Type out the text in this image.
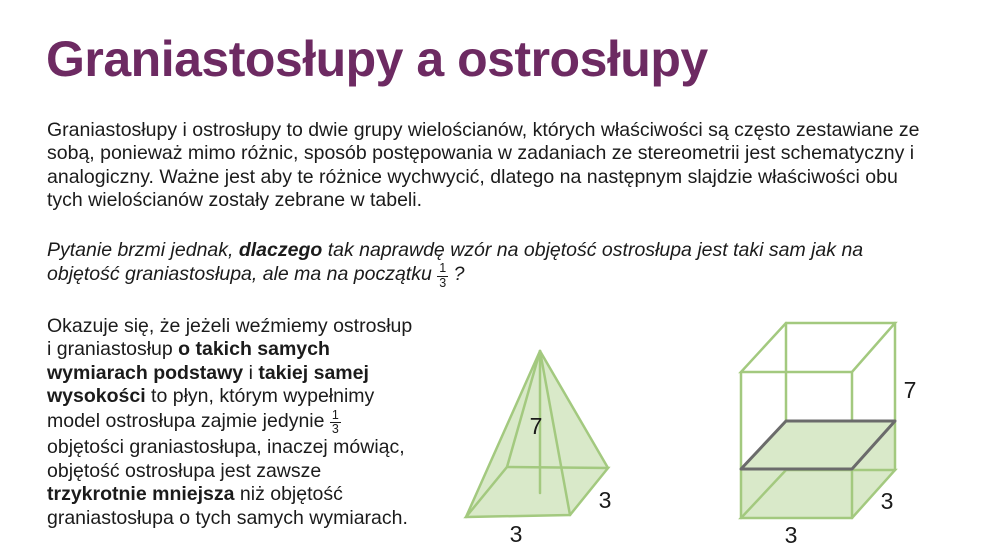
Graniastosłupy a ostrosłupy
Graniastosłupy i ostrosłupy to dwie grupy wielościanów, których właściwości są często zestawiane ze
sobą, ponieważ mimo różnic, sposób postępowania w zadaniach ze stereometrii jest schematyczny i
analogiczny. Ważne jest aby te różnice wychwycić, dlatego na następnym slajdzie właściwości obu
tych wielościanów zostały zebrane w tabeli.
Pytanie brzmi jednak, dlaczego tak naprawdę wzór na objętość ostrosłupa jest taki sam jak na
objętość graniastosłupa, ale ma na początku $\frac{1}{3}$ ?
Okazuje się, że jeżeli weźmiemy ostrosłup
i graniastosłup o takich samych
wymiarach podstawy i takiej samej
wysokości to płyn, którym wypełnimy
model ostrosłupa zajmie jedynie $\frac{1}{3}$
objętości graniastosłupa, inaczej mówiąc,
objętość ostrosłupa jest zawsze
trzykrotnie mniejsza niż objętość
graniastosłupa o tych samych wymiarach.
7
3
3
7
3
3
